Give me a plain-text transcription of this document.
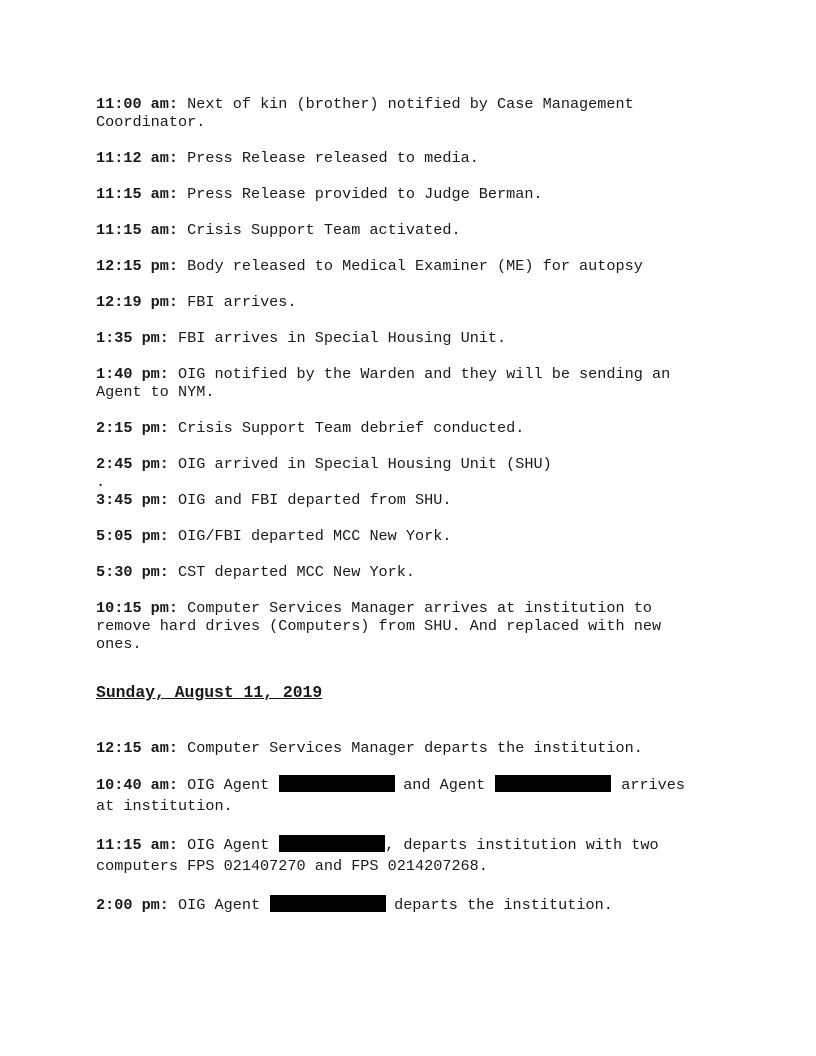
11:00 am: Next of kin (brother) notified by Case Management Coordinator.
11:12 am: Press Release released to media.
11:15 am: Press Release provided to Judge Berman.
11:15 am: Crisis Support Team activated.
12:15 pm: Body released to Medical Examiner (ME) for autopsy
12:19 pm: FBI arrives.
1:35 pm: FBI arrives in Special Housing Unit.
1:40 pm: OIG notified by the Warden and they will be sending an Agent to NYM.
2:15 pm: Crisis Support Team debrief conducted.
2:45 pm: OIG arrived in Special Housing Unit (SHU)
.
3:45 pm: OIG and FBI departed from SHU.
5:05 pm: OIG/FBI departed MCC New York.
5:30 pm: CST departed MCC New York.
10:15 pm: Computer Services Manager arrives at institution to remove hard drives (Computers) from SHU. And replaced with new ones.
Sunday, August 11, 2019
12:15 am: Computer Services Manager departs the institution.
10:40 am: OIG Agent	and Agent	arrives
at institution.
11:15 am: OIG Agent	, departs institution with two
computers FPS 021407270 and FPS 0214207268.
2:00 pm: OIG Agent	departs the institution.
